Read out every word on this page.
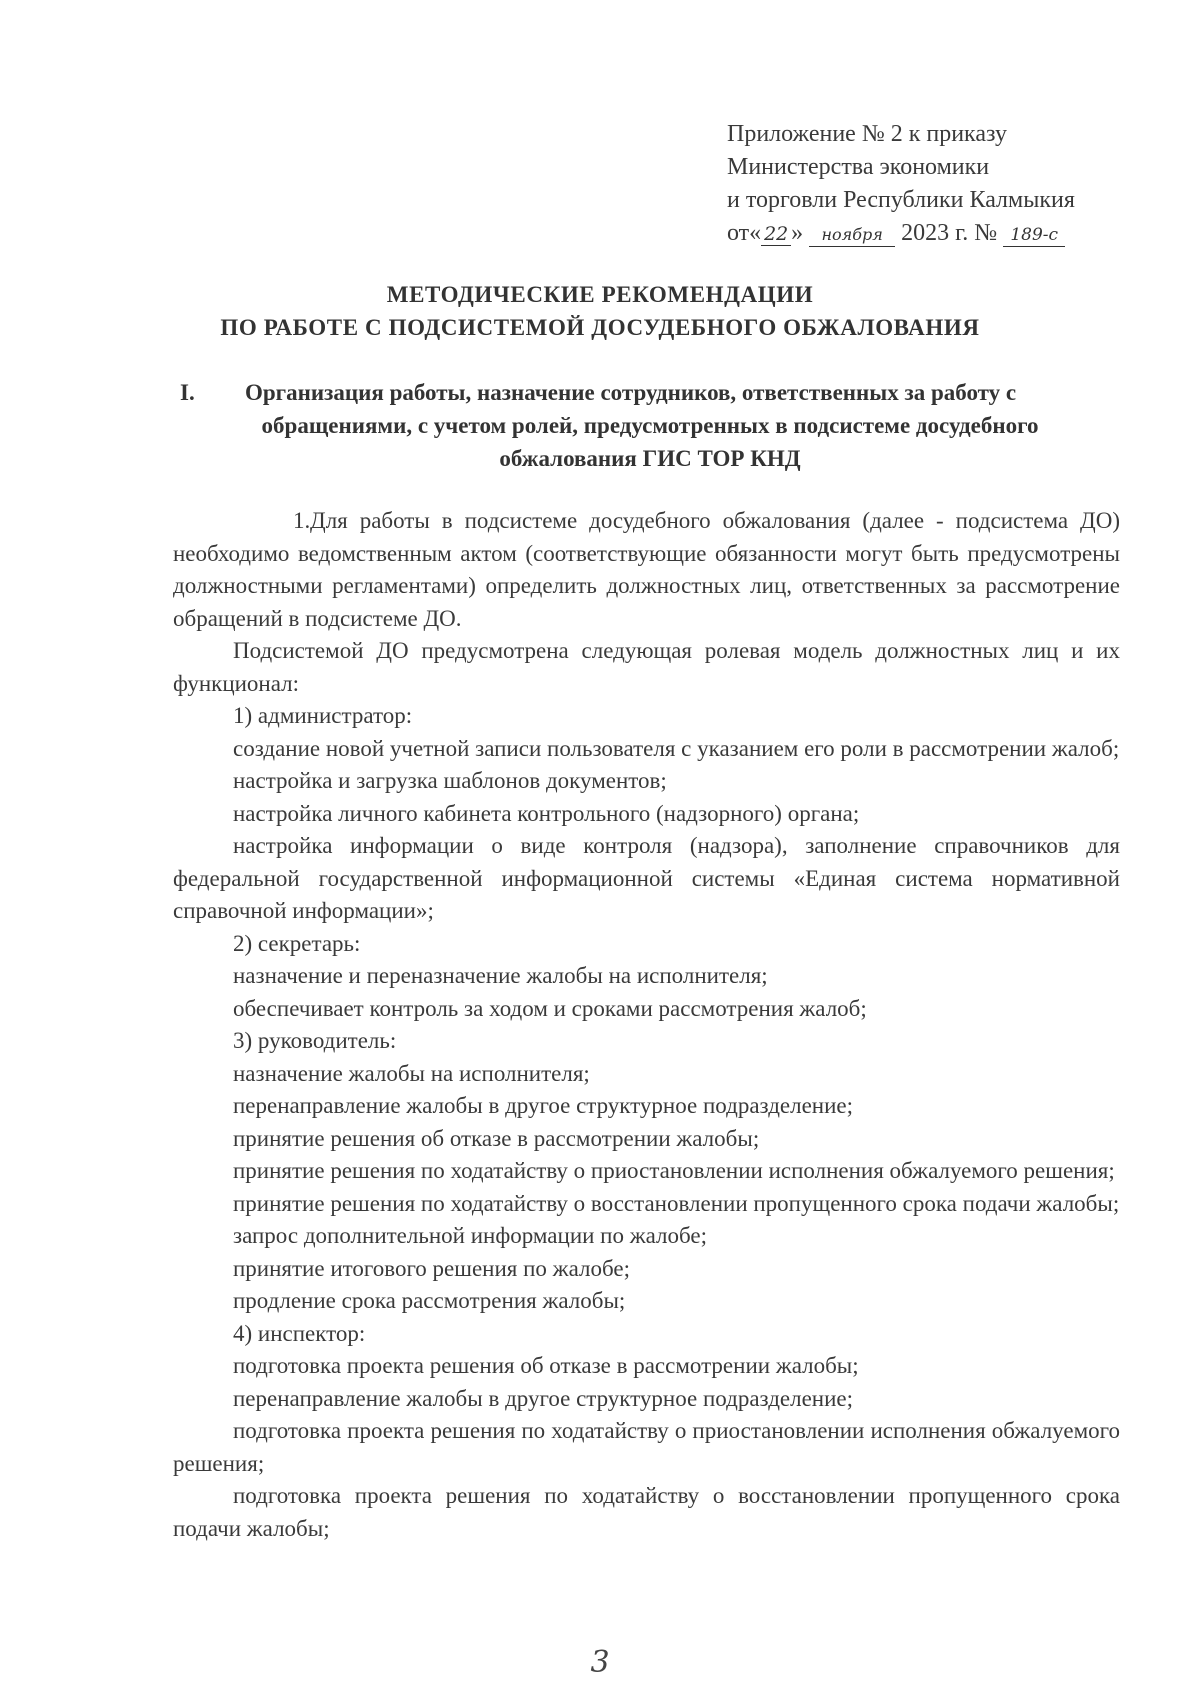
Приложение № 2 к приказу
Министерства экономики
и торговли Республики Калмыкия
от« 22 » ноября 2023 г. № 189-с
МЕТОДИЧЕСКИЕ РЕКОМЕНДАЦИИ
ПО РАБОТЕ С ПОДСИСТЕМОЙ ДОСУДЕБНОГО ОБЖАЛОВАНИЯ
I.	Организация работы, назначение сотрудников, ответственных за работу с
обращениями, с учетом ролей, предусмотренных в подсистеме досудебного
обжалования ГИС ТОР КНД

1.Для работы в подсистеме досудебного обжалования (далее - подсистема ДО) необходимо ведомственным актом (соответствующие обязанности могут быть предусмотрены должностными регламентами) определить должностных лиц, ответственных за рассмотрение обращений в подсистеме ДО.

Подсистемой ДО предусмотрена следующая ролевая модель должностных лиц и их функционал:

1) администратор:

создание новой учетной записи пользователя с указанием его роли в рассмотрении жалоб;

настройка и загрузка шаблонов документов;

настройка личного кабинета контрольного (надзорного) органа;

настройка информации о виде контроля (надзора), заполнение справочников для федеральной государственной информационной системы «Единая система нормативной справочной информации»;

2) секретарь:

назначение и переназначение жалобы на исполнителя;

обеспечивает контроль за ходом и сроками рассмотрения жалоб;

3) руководитель:

назначение жалобы на исполнителя;

перенаправление жалобы в другое структурное подразделение;

принятие решения об отказе в рассмотрении жалобы;

принятие решения по ходатайству о приостановлении исполнения обжалуемого решения;

принятие решения по ходатайству о восстановлении пропущенного срока подачи жалобы;

запрос дополнительной информации по жалобе;

принятие итогового решения по жалобе;

продление срока рассмотрения жалобы;

4) инспектор:

подготовка проекта решения об отказе в рассмотрении жалобы;

перенаправление жалобы в другое структурное подразделение;

подготовка проекта решения по ходатайству о приостановлении исполнения обжалуемого решения;

подготовка проекта решения по ходатайству о восстановлении пропущенного срока подачи жалобы;

3
